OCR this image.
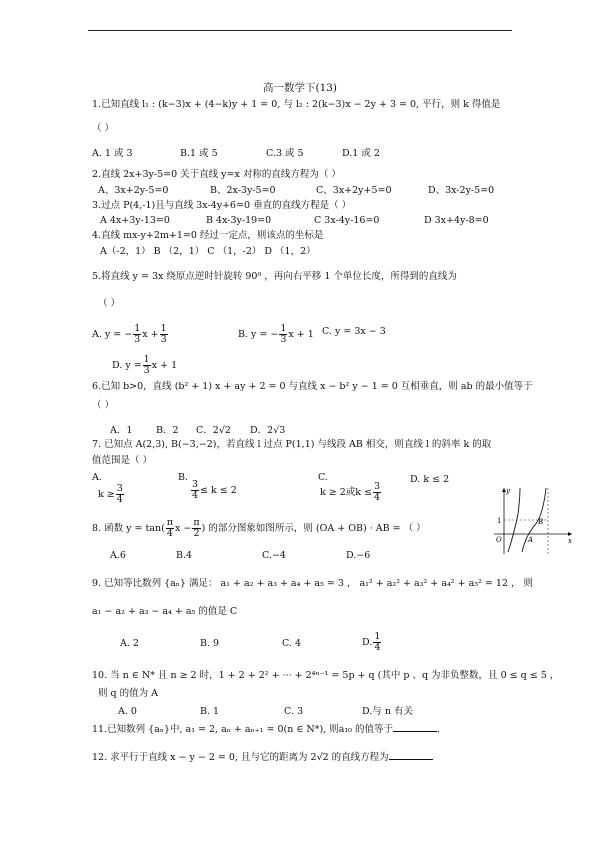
高一数学下(13)
1.已知直线 l₁ : (k−3)x + (4−k)y + 1 = 0, 与 l₂ : 2(k−3)x − 2y + 3 = 0, 平行，则 k 得值是
（ ）
A. 1 或 3	B.1 或 5	C.3 或 5	D.1 或 2
2.直线 2x+3y-5=0 关于直线 y=x 对称的直线方程为（ ）
A、3x+2y-5=0	B、2x-3y-5=0	C、3x+2y+5=0	D、3x-2y-5=0
3.过点 P(4,-1)且与直线 3x-4y+6=0 垂直的直线方程是（ ）
A 4x+3y-13=0	B 4x-3y-19=0	C 3x-4y-16=0	D 3x+4y-8=0
4.直线 mx-y+2m+1=0 经过一定点，则该点的坐标是
A（-2，1） B （2，1） C （1，-2） D （1，2）
5.将直线 y = 3x 绕原点逆时针旋转 90⁰ ，再向右平移 1 个单位长度，所得到的直线为
（ ）
A. y = − $\frac{1}{3}$ $x + \frac{1}{3}$	B. y = − $\frac{1}{3}$ x + 1 C. y = 3x − 3
D. $y = \frac{1}{3}$ x + 1
6.已知 b>0，直线 (b² + 1) x + ay + 2 = 0 与直线 x − b² y − 1 = 0 互相垂直，则 ab 的最小值等于
（ ）
A．1 B．2 C．2√2 D．2√3
7. 已知点 A(2,3), B(−3,−2)，若直线 l 过点 P(1,1) 与线段 AB 相交，则直线 l 的斜率 k 的取
值范围是（ ）
A.
$k \ge \frac{3}{4}$
B.
$\frac{3}{4} \le k \le 2$
C.
k ≥ 2或$k \le \frac{3}{4}$
D. k ≤ 2
8. 函数 $y = \tan( \frac{\pi}{4}$ $x - \frac{\pi}{2}$ ) 的部分图象如图所示，则 (OA + OB) · AB = （ ）
A.6	B.4	C.−4	D.−6
y
x
O	A
B
1
9. 已知等比数列 {aₙ} 满足： a₁ + a₂ + a₃ + a₄ + a₅ = 3 ， a₁² + a₂² + a₃² + a₄² + a₅² = 12 ， 则
a₁ − a₂ + a₃ − a₄ + a₅ 的值是 C
A. 2	B. 9	C. 4	D. $\frac{1}{4}$
10. 当 n ∈ N* 且 n ≥ 2 时，1 + 2 + 2² + ··· + 2⁴ⁿ⁻¹ = 5p + q (其中 p 、q 为非负整数，且 0 ≤ q ≤ 5 ，
则 q 的值为 A
A. 0	B. 1	C. 3	D.与 n 有关
11.已知数列 {aₙ}中, a₁ = 2, aₙ + aₙ₊₁ = 0(n ∈ N*), 则a₁₀ 的值等于	.
12. 求平行于直线 x − y − 2 = 0, 且与它的距离为 2√2 的直线方程为
